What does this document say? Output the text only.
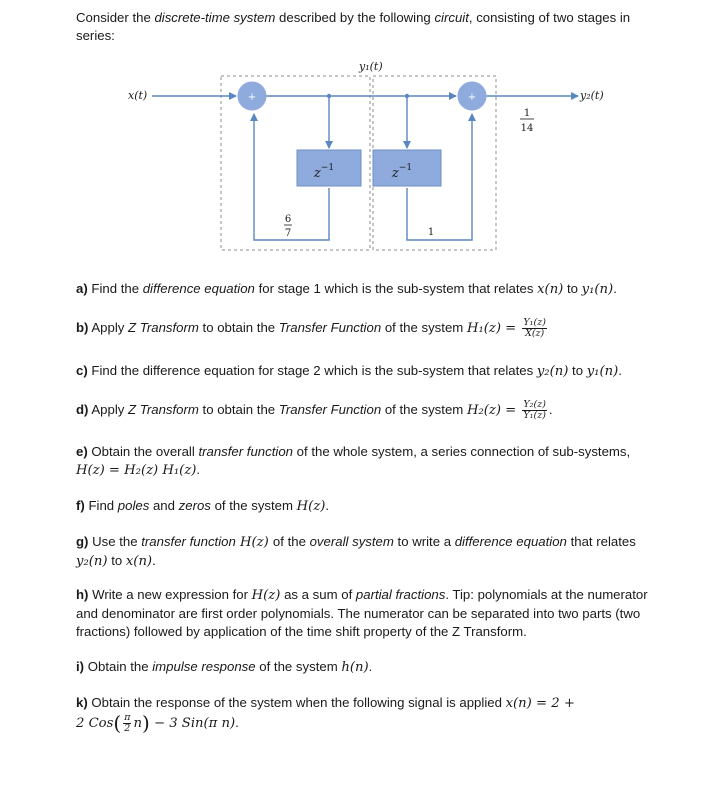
Consider the discrete-time system described by the following circuit, consisting of two stages in series:

+	+
$z^{-1}$	$z^{-1}$
x(t)
y₁(t)
y₂(t)
6
7	1
1
14

a) Find the difference equation for stage 1 which is the sub-system that relates x(n) to y₁(n).

b) Apply Z Transform to obtain the Transfer Function of the system $H_1(z) = \frac{\text{Y₁(z)}}{X(z)}$

c) Find the difference equation for stage 2 which is the sub-system that relates y₂(n) to y₁(n).

d) Apply Z Transform to obtain the Transfer Function of the system $H_2(z) = \frac{\text{Y₂(z)}}{\text{Y₁(z)}}$ .

e) Obtain the overall transfer function of the whole system, a series connection of sub-systems,
H(z) = H₂(z) H₁(z).

f) Find poles and zeros of the system H(z).

g) Use the transfer function H(z) of the overall system to write a difference equation that relates
y₂(n) to x(n).

h) Write a new expression for H(z) as a sum of partial fractions. Tip: polynomials at the numerator and denominator are first order polynomials. The numerator can be separated into two parts (two fractions) followed by application of the time shift property of the Z Transform.

i) Obtain the impulse response of the system h(n).

k) Obtain the response of the system when the following signal is applied x(n) = 2 +
2 $Cos( \frac{\pi}{2} n) - 3$ Sin(π n).
